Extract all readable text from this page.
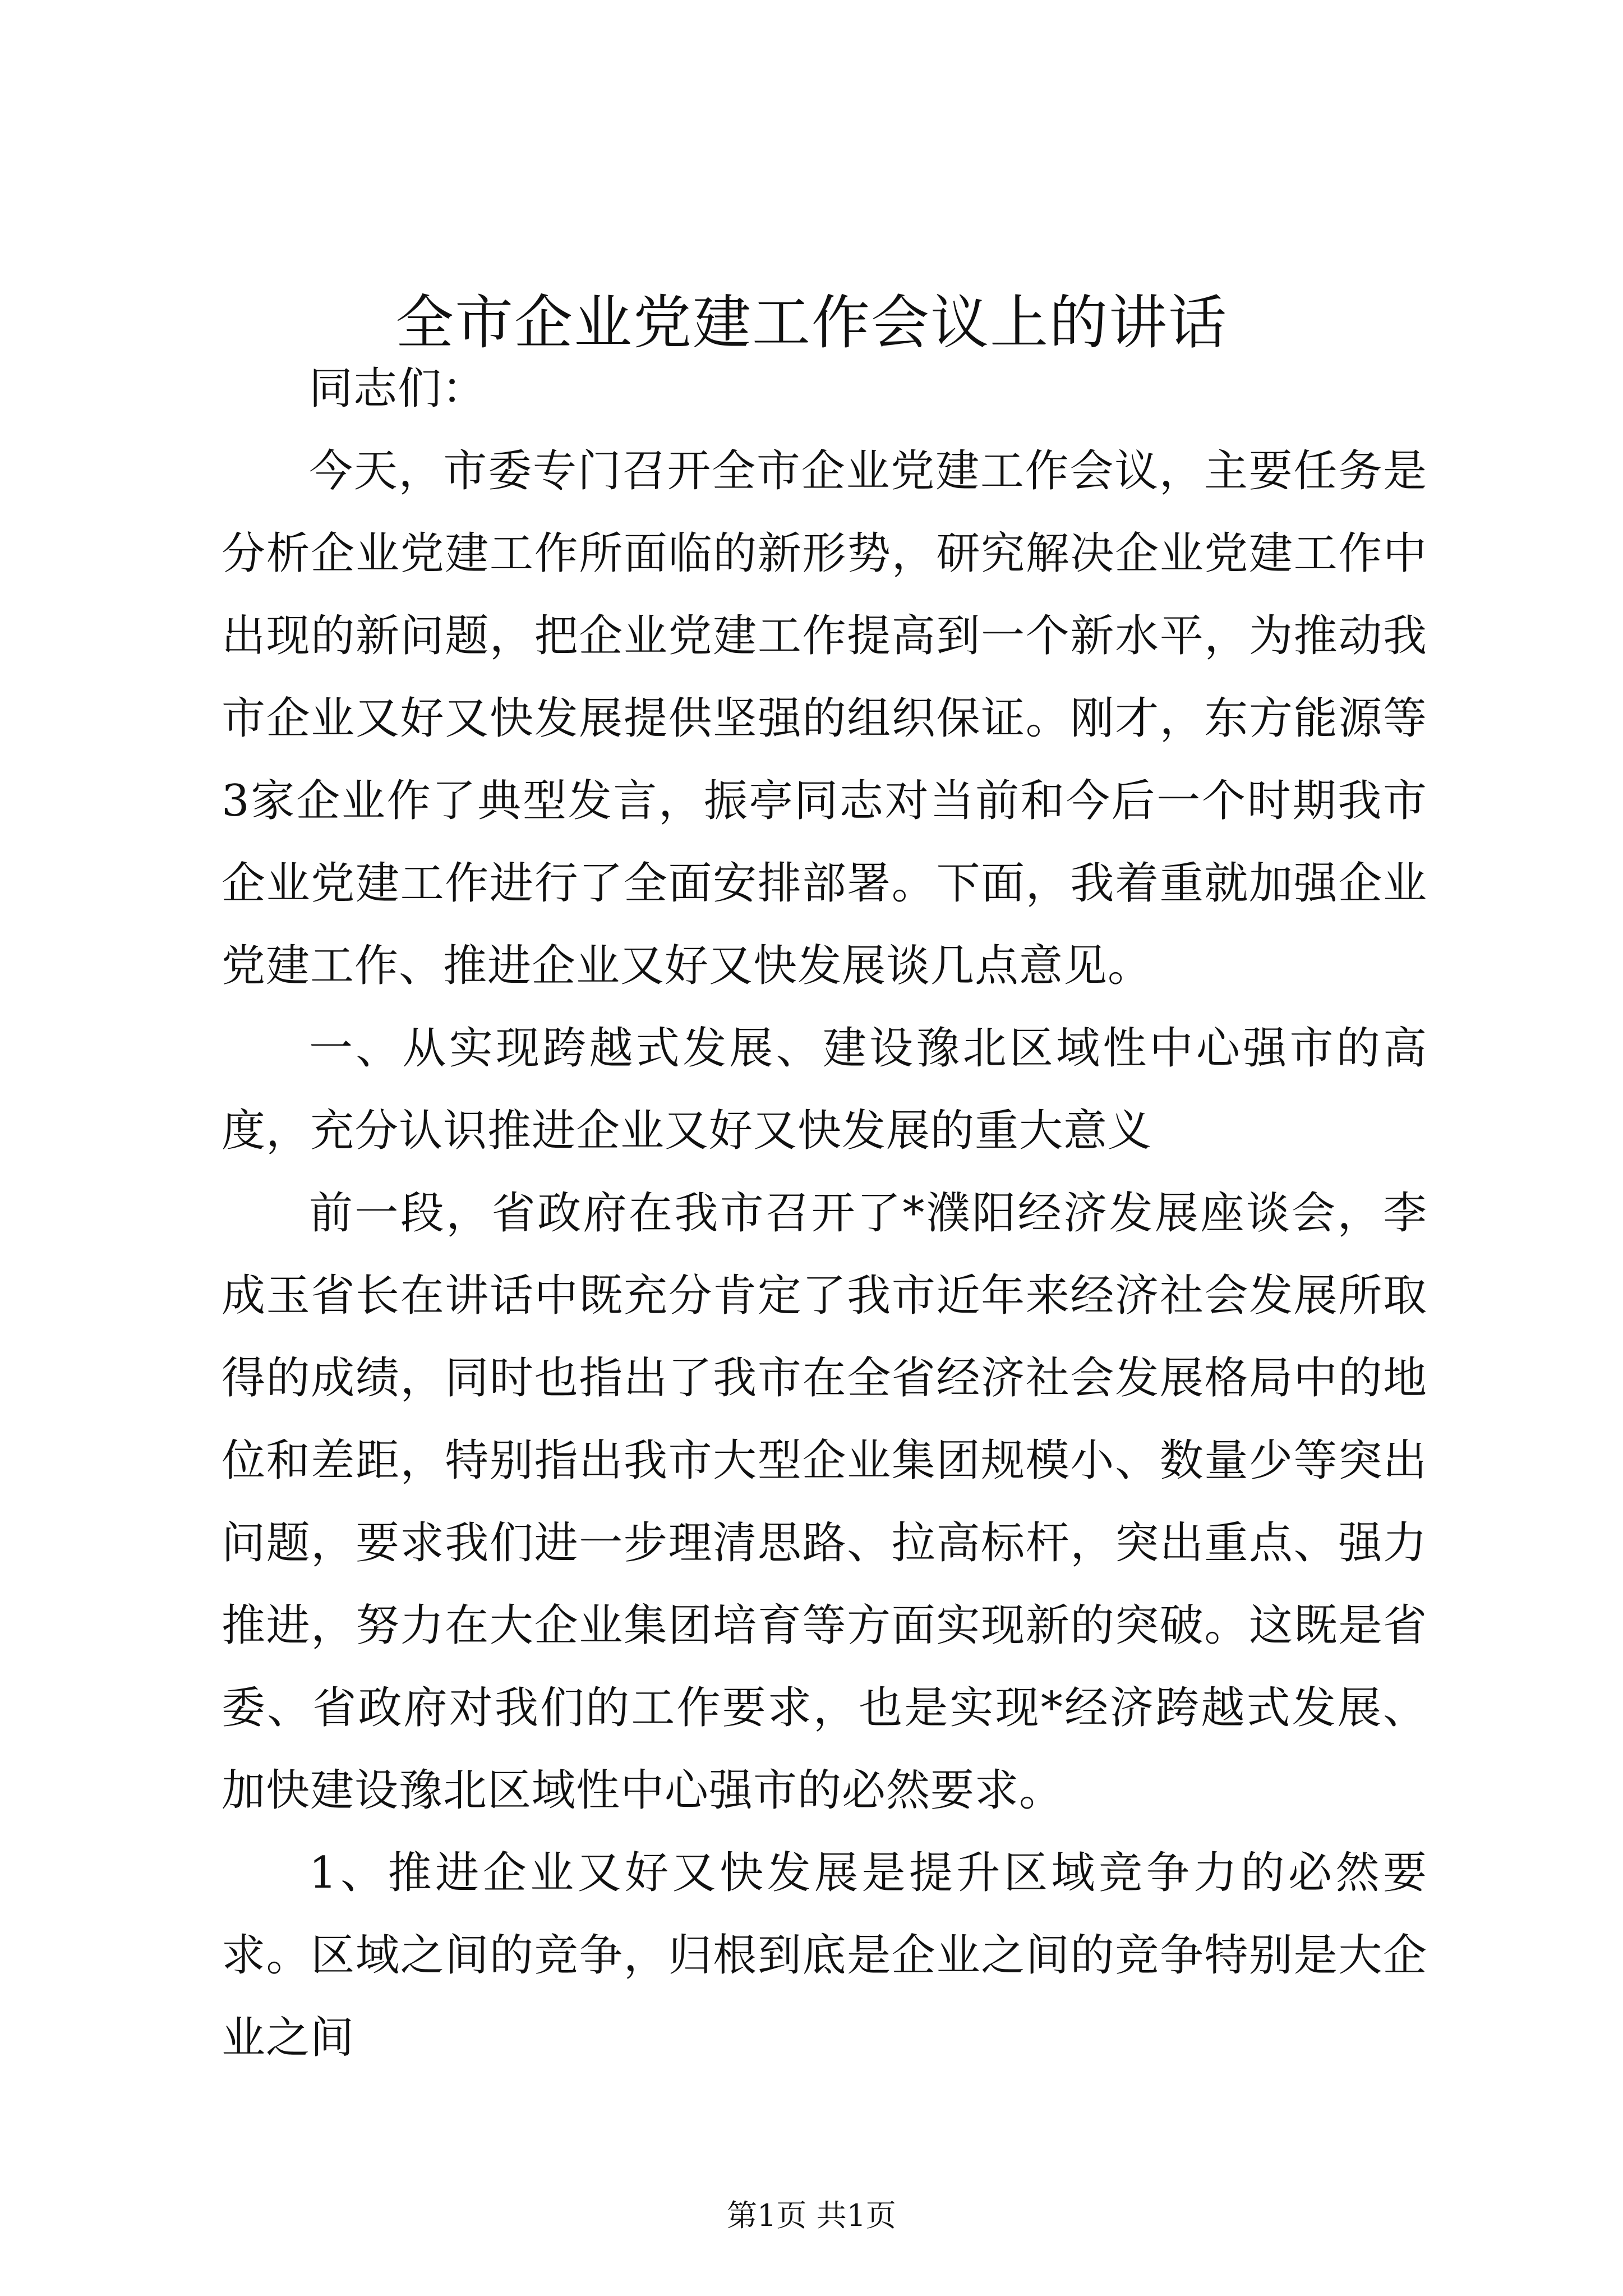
全市企业党建工作会议上的讲话

同志们：

今天，市委专门召开全市企业党建工作会议，主要任务是分析企业党建工作所面临的新形势，研究解决企业党建工作中出现的新问题，把企业党建工作提高到一个新水平，为推动我市企业又好又快发展提供坚强的组织保证。刚才，东方能源等3家企业作了典型发言，振亭同志对当前和今后一个时期我市企业党建工作进行了全面安排部署。下面，我着重就加强企业党建工作、推进企业又好又快发展谈几点意见。

一、从实现跨越式发展、建设豫北区域性中心强市的高度，充分认识推进企业又好又快发展的重大意义

前一段，省政府在我市召开了*濮阳经济发展座谈会，李成玉省长在讲话中既充分肯定了我市近年来经济社会发展所取得的成绩，同时也指出了我市在全省经济社会发展格局中的地位和差距，特别指出我市大型企业集团规模小、数量少等突出问题，要求我们进一步理清思路、拉高标杆，突出重点、强力推进，努力在大企业集团培育等方面实现新的突破。这既是省委、省政府对我们的工作要求，也是实现*经济跨越式发展、加快建设豫北区域性中心强市的必然要求。

1、推进企业又好又快发展是提升区域竞争力的必然要求。区域之间的竞争，归根到底是企业之间的竞争特别是大企业之间

第1页 共1页
